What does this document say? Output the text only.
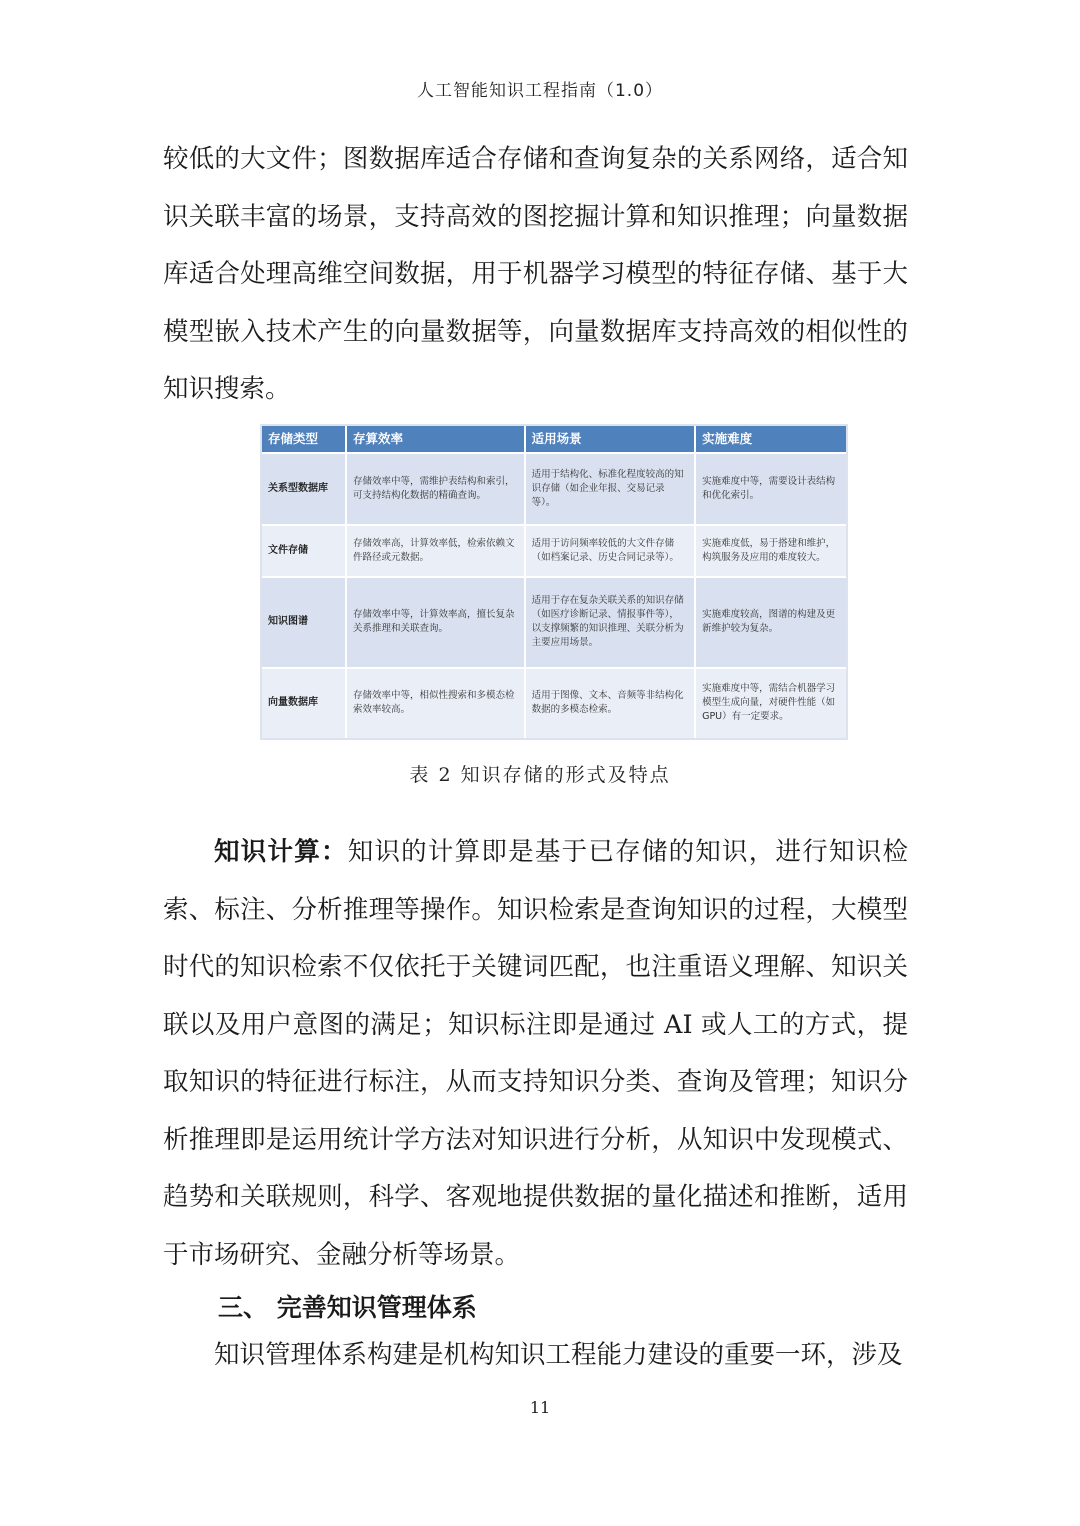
人工智能知识工程指南（1.0）
较低的大文件；图数据库适合存储和查询复杂的关系网络，适合知识关联丰富的场景，支持高效的图挖掘计算和知识推理；向量数据库适合处理高维空间数据，用于机器学习模型的特征存储、基于大模型嵌入技术产生的向量数据等，向量数据库支持高效的相似性的知识搜索。
存储类型	存算效率	适用场景	实施难度
关系型数据库	存储效率中等，需维护表结构和索引，可支持结构化数据的精确查询。	适用于结构化、标准化程度较高的知识存储（如企业年报、交易记录等）。	实施难度中等，需要设计表结构和优化索引。
文件存储	存储效率高，计算效率低，检索依赖文件路径或元数据。	适用于访问频率较低的大文件存储（如档案记录、历史合同记录等）。	实施难度低，易于搭建和维护，构筑服务及应用的难度较大。
知识图谱	存储效率中等，计算效率高，擅长复杂关系推理和关联查询。	适用于存在复杂关联关系的知识存储（如医疗诊断记录、情报事件等），以支撑频繁的知识推理、关联分析为主要应用场景。	实施难度较高，图谱的构建及更新维护较为复杂。
向量数据库	存储效率中等，相似性搜索和多模态检索效率较高。	适用于图像、文本、音频等非结构化数据的多模态检索。	实施难度中等，需结合机器学习模型生成向量，对硬件性能（如GPU）有一定要求。
表 2 知识存储的形式及特点
知识计算：知识的计算即是基于已存储的知识，进行知识检索、标注、分析推理等操作。知识检索是查询知识的过程，大模型时代的知识检索不仅依托于关键词匹配，也注重语义理解、知识关联以及用户意图的满足；知识标注即是通过 AI 或人工的方式，提取知识的特征进行标注，从而支持知识分类、查询及管理；知识分析推理即是运用统计学方法对知识进行分析，从知识中发现模式、趋势和关联规则，科学、客观地提供数据的量化描述和推断，适用于市场研究、金融分析等场景。
三、 完善知识管理体系
知识管理体系构建是机构知识工程能力建设的重要一环，涉及
11
